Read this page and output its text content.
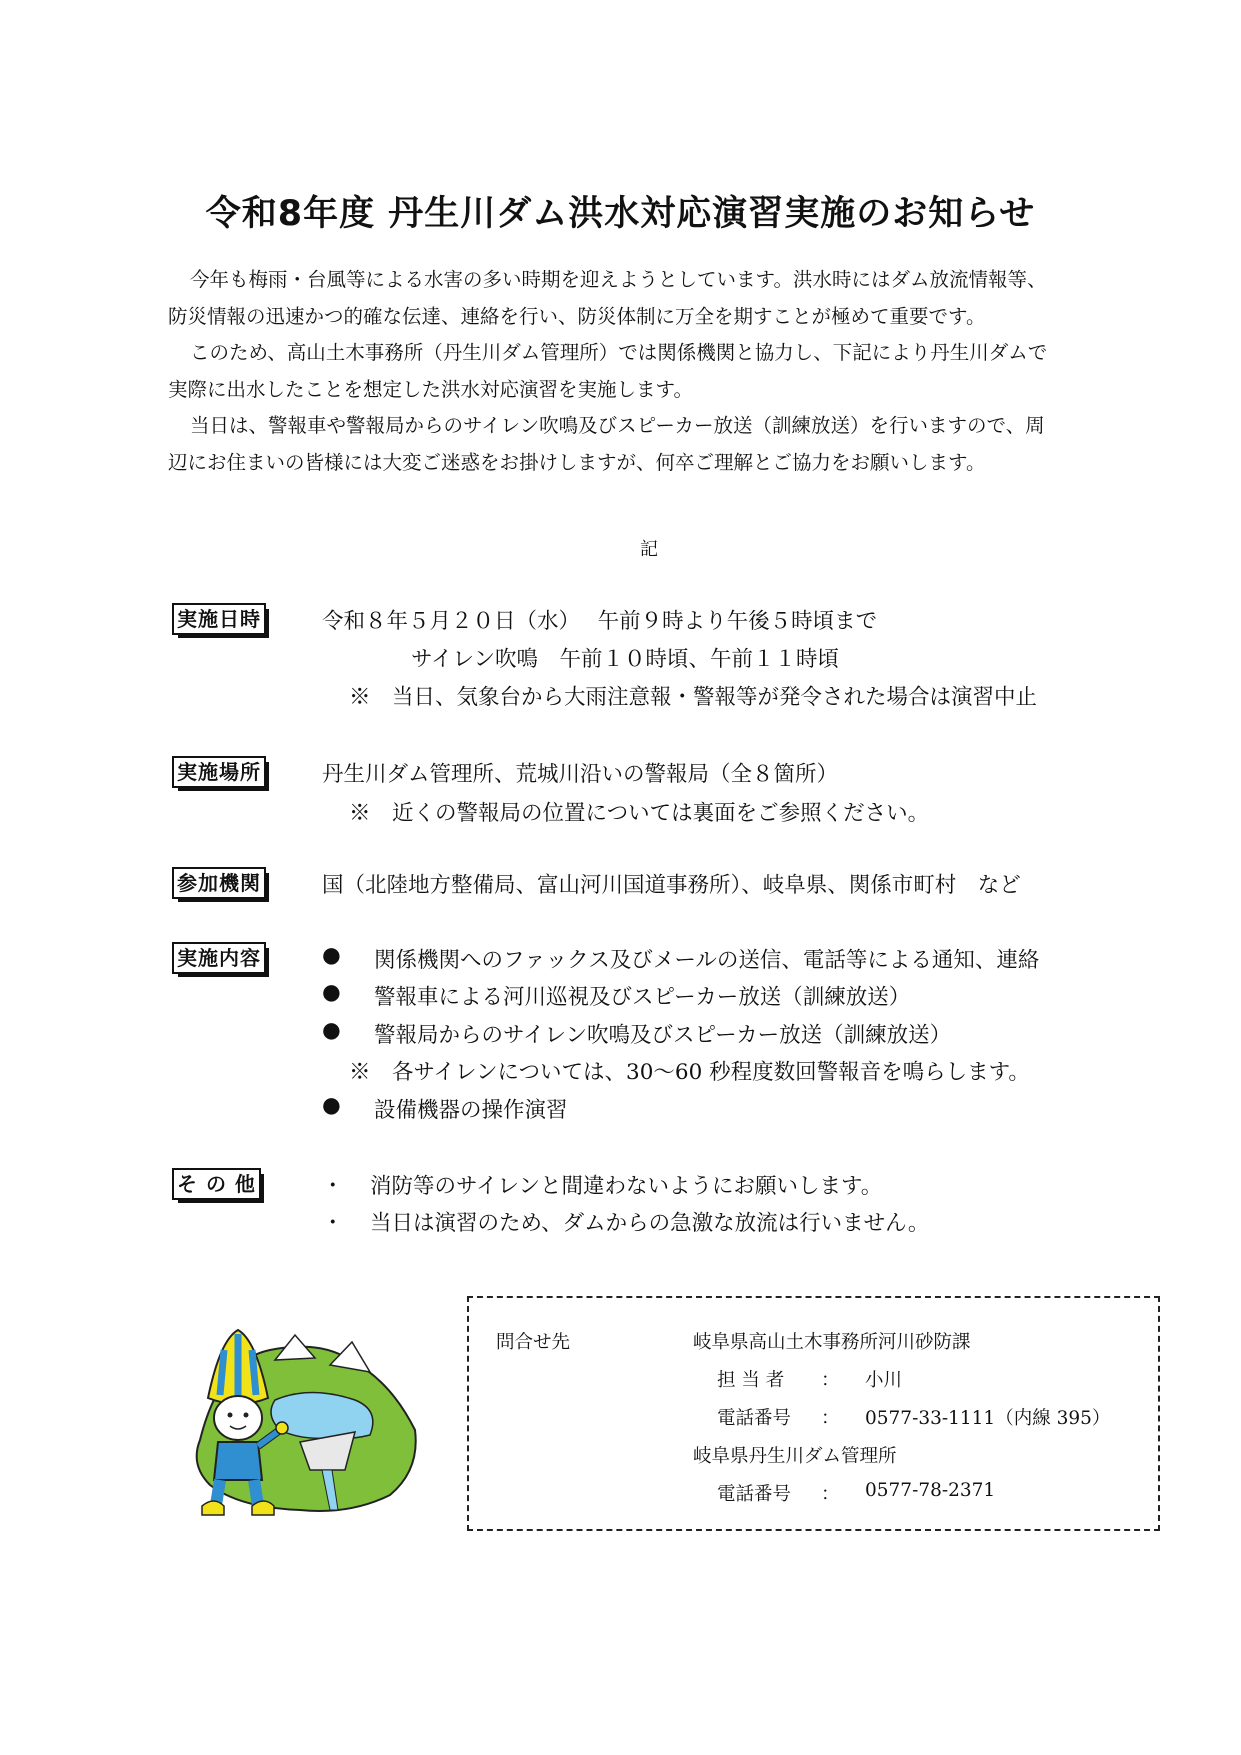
令和8年度 丹生川ダム洪水対応演習実施のお知らせ

今年も梅雨・台風等による水害の多い時期を迎えようとしています。洪水時にはダム放流情報等、

防災情報の迅速かつ的確な伝達、連絡を行い、防災体制に万全を期すことが極めて重要です。

このため、高山土木事務所（丹生川ダム管理所）では関係機関と協力し、下記により丹生川ダムで

実際に出水したことを想定した洪水対応演習を実施します。

当日は、警報車や警報局からのサイレン吹鳴及びスピーカー放送（訓練放送）を行いますので、周

辺にお住まいの皆様には大変ご迷惑をお掛けしますが、何卒ご理解とご協力をお願いします。

記
実施日時	令和８年５月２０日（水）　 午前９時より午後５時頃まで
サイレン吹鳴　午前１０時頃、午前１１時頃
※　当日、気象台から大雨注意報・警報等が発令された場合は演習中止
実施場所	丹生川ダム管理所、荒城川沿いの警報局（全８箇所）
※　近くの警報局の位置については裏面をご参照ください。
参加機関	国（北陸地方整備局、富山河川国道事務所）、岐阜県、関係市町村　など
実施内容	● 関係機関へのファックス及びメールの送信、電話等による通知、連絡
● 警報車による河川巡視及びスピーカー放送（訓練放送）
● 警報局からのサイレン吹鳴及びスピーカー放送（訓練放送）
※　各サイレンについては、30～60 秒程度数回警報音を鳴らします。
● 設備機器の操作演習
そ の 他	・ 消防等のサイレンと間違わないようにお願いします。
・ 当日は演習のため、ダムからの急激な放流は行いません。
問合せ先	岐阜県高山土木事務所河川砂防課
担 当 者 ： 小川
電話番号 ： 0577-33-1111（内線 395）
岐阜県丹生川ダム管理所
電話番号 ： 0577-78-2371
